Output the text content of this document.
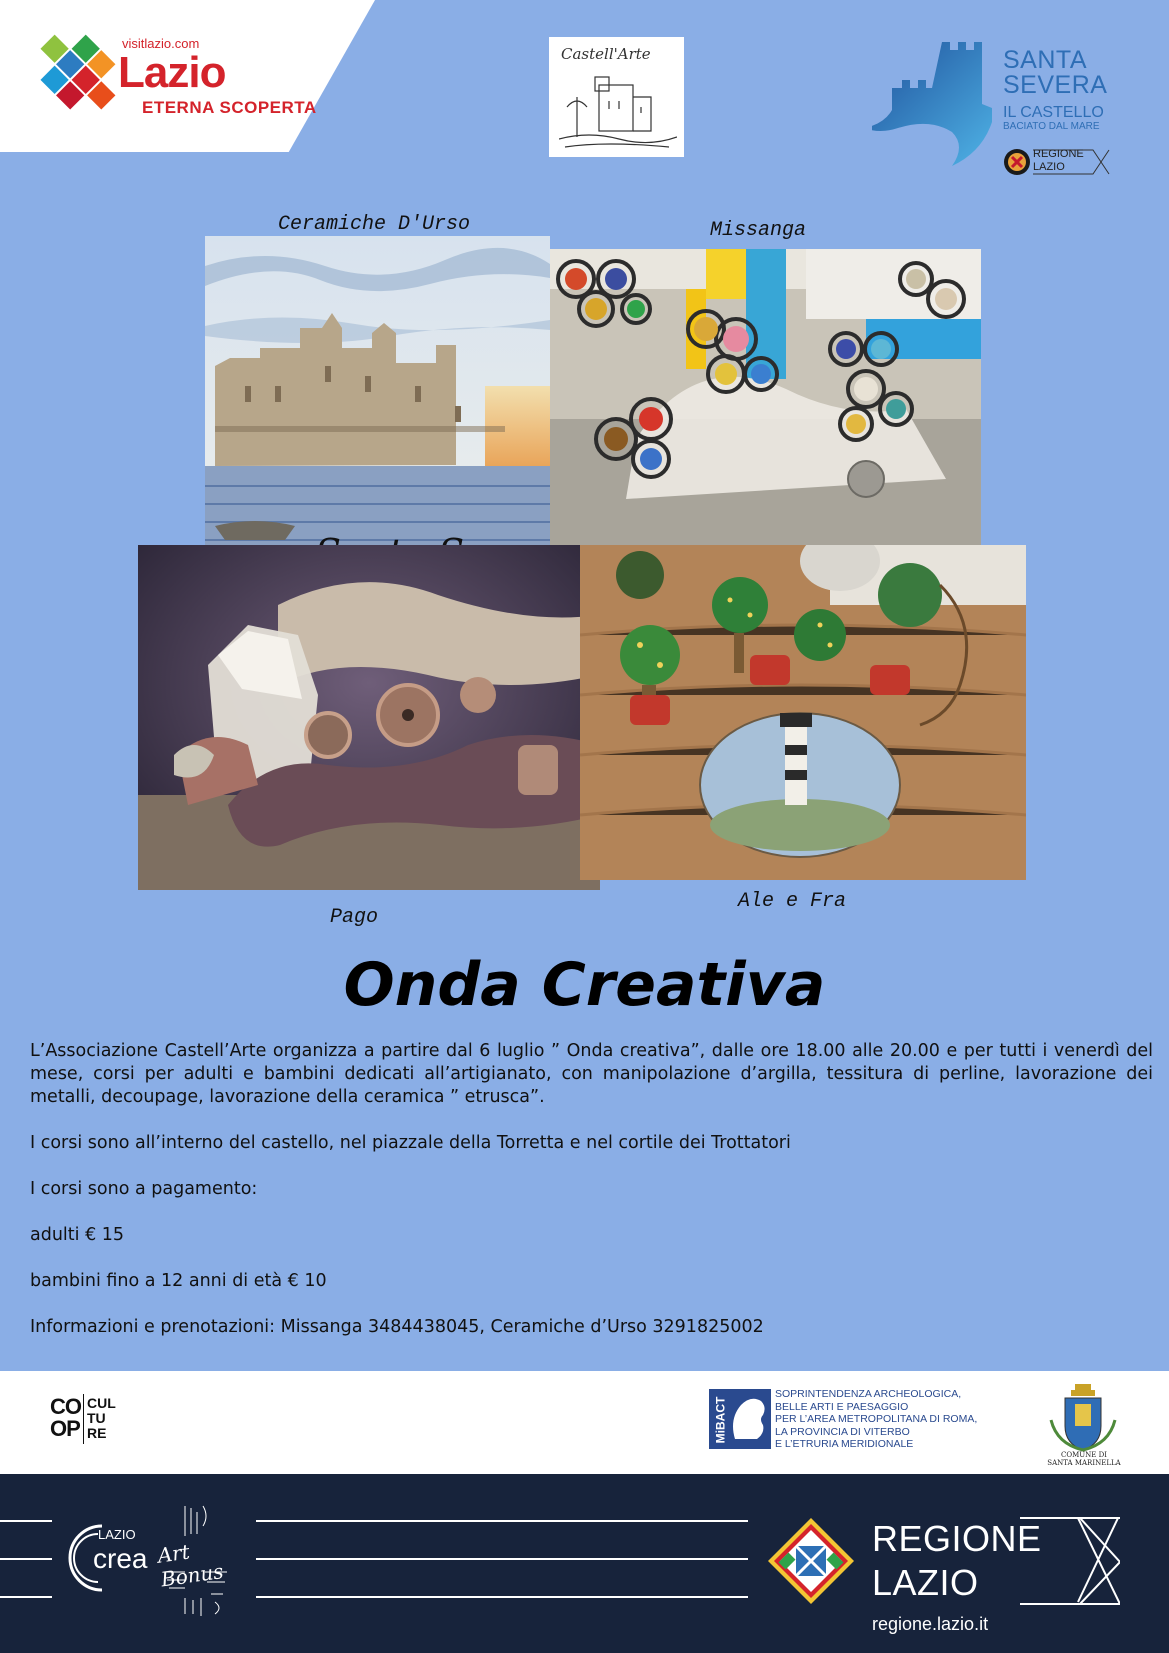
visitlazio.com
Lazio
ETERNA SCOPERTA
Castell'Arte	SANTA
SEVERA
IL CASTELLO
BACIATO DAL MARE
REGIONE
LAZIO
Ceramiche D'Urso	Missanga
Pago
Ale e Fra
Onda Creativa

L’Associazione Castell’Arte organizza a partire dal 6 luglio ” Onda creativa”, dalle ore 18.00 alle 20.00 e per tutti i venerdì del mese, corsi per adulti e bambini dedicati all’artigianato, con manipolazione d’argilla, tessitura di perline, lavorazione dei metalli, decoupage, lavorazione della ceramica ” etrusca”.

I corsi sono all’interno del castello, nel piazzale della Torretta e nel cortile dei Trottatori

I corsi sono a pagamento:

adulti € 15

bambini fino a 12 anni di età € 10

Informazioni e prenotazioni: Missanga 3484438045, Ceramiche d’Urso 3291825002

CO
OP
CUL
TU
RE	MiBACT
SOPRINTENDENZA ARCHEOLOGICA,
BELLE ARTI E PAESAGGIO
PER L’AREA METROPOLITANA DI ROMA,
LA PROVINCIA DI VITERBO
E L’ETRURIA MERIDIONALE
COMUNE DI
SANTA MARINELLA
LAZIO
crea Art Bonus
REGIONE
LAZIO
regione.lazio.it
